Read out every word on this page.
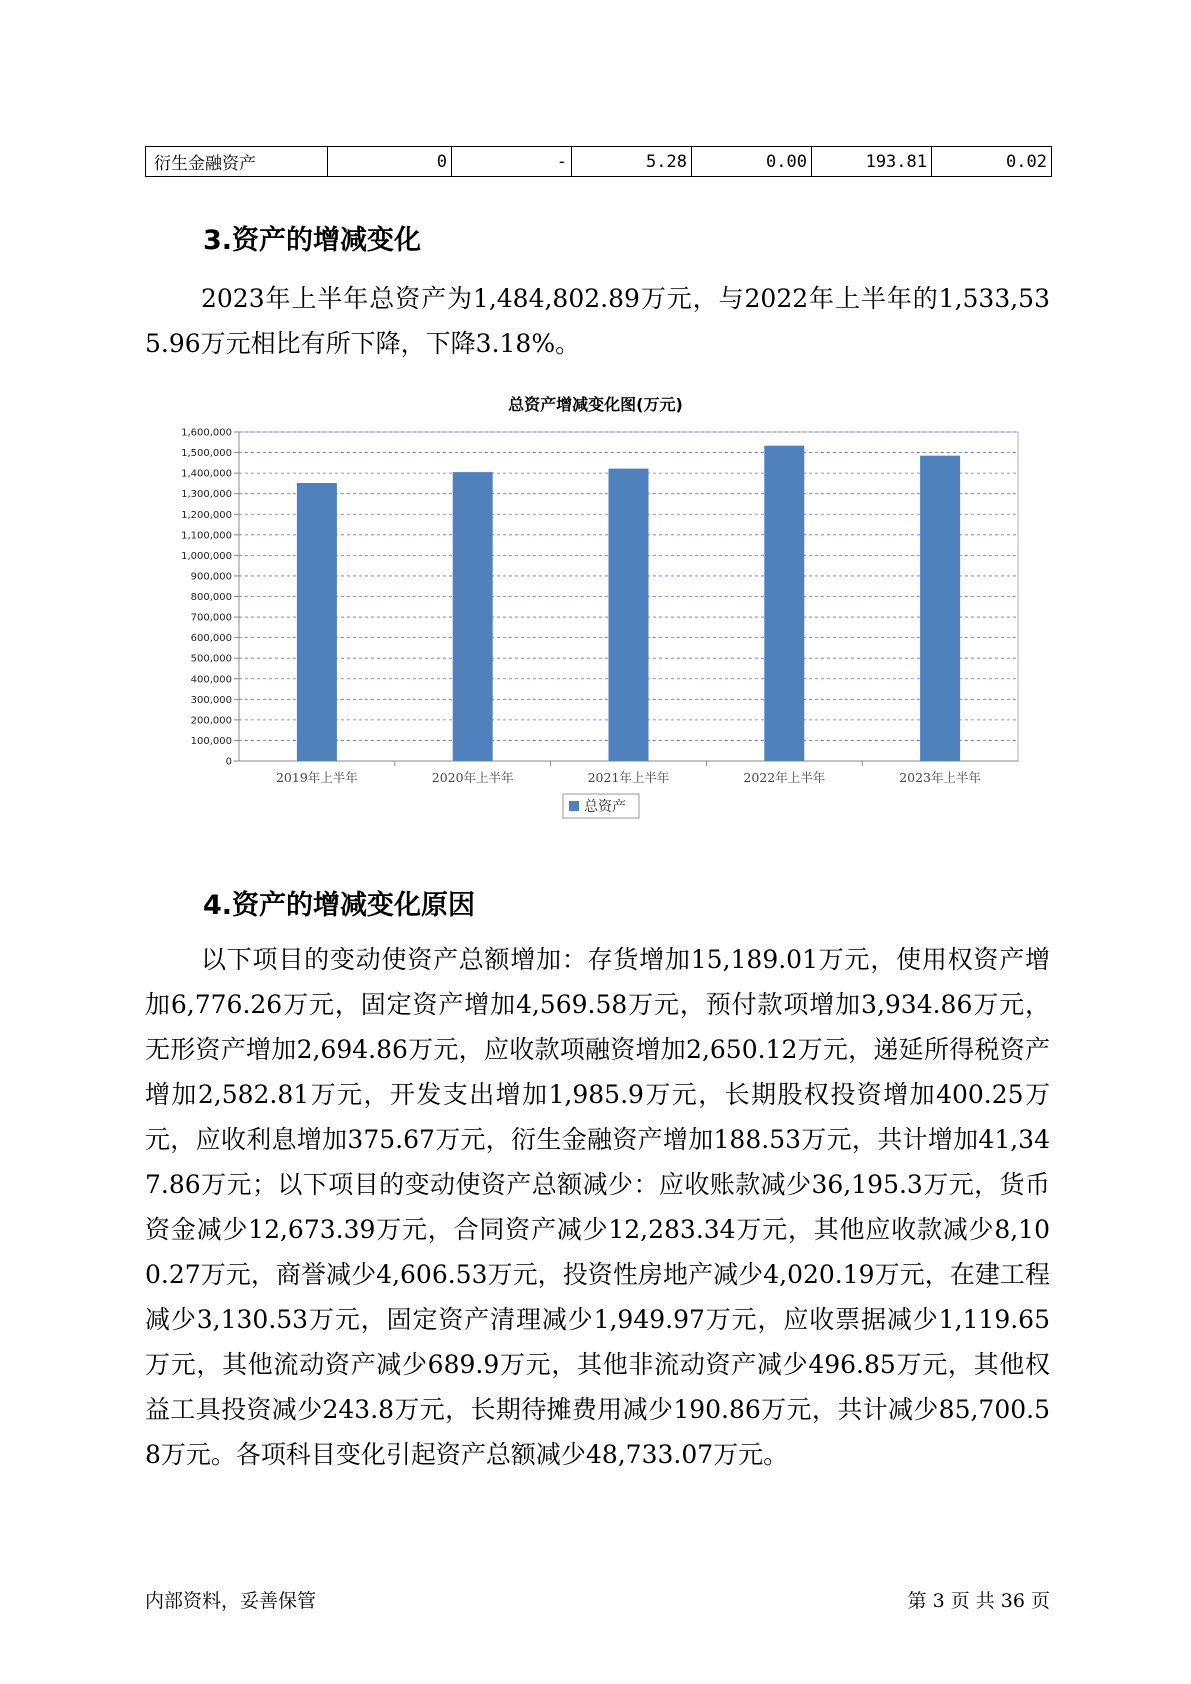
衍生金融资产	0	-	5.28	0.00	193.81	0.02
3.资产的增减变化

2023年上半年总资产为1,484,802.89万元，与2022年上半年的1,533,535.96万元相比有所下降，下降3.18%。

总资产增减变化图(万元)
0
100,000
200,000
300,000
400,000
500,000
600,000
700,000
800,000
900,000
1,000,000
1,100,000
1,200,000
1,300,000
1,400,000
1,500,000
1,600,000
2019年上半年	2020年上半年	2021年上半年	2022年上半年	2023年上半年
总资产
4.资产的增减变化原因

以下项目的变动使资产总额增加：存货增加15,189.01万元，使用权资产增加6,776.26万元，固定资产增加4,569.58万元，预付款项增加3,934.86万元，无形资产增加2,694.86万元，应收款项融资增加2,650.12万元，递延所得税资产增加2,582.81万元，开发支出增加1,985.9万元，长期股权投资增加400.25万元，应收利息增加375.67万元，衍生金融资产增加188.53万元，共计增加41,347.86万元；以下项目的变动使资产总额减少：应收账款减少36,195.3万元，货币资金减少12,673.39万元，合同资产减少12,283.34万元，其他应收款减少8,100.27万元，商誉减少4,606.53万元，投资性房地产减少4,020.19万元，在建工程减少3,130.53万元，固定资产清理减少1,949.97万元，应收票据减少1,119.65万元，其他流动资产减少689.9万元，其他非流动资产减少496.85万元，其他权益工具投资减少243.8万元，长期待摊费用减少190.86万元，共计减少85,700.58万元。各项科目变化引起资产总额减少48,733.07万元。

内部资料，妥善保管	第 3 页 共 36 页
